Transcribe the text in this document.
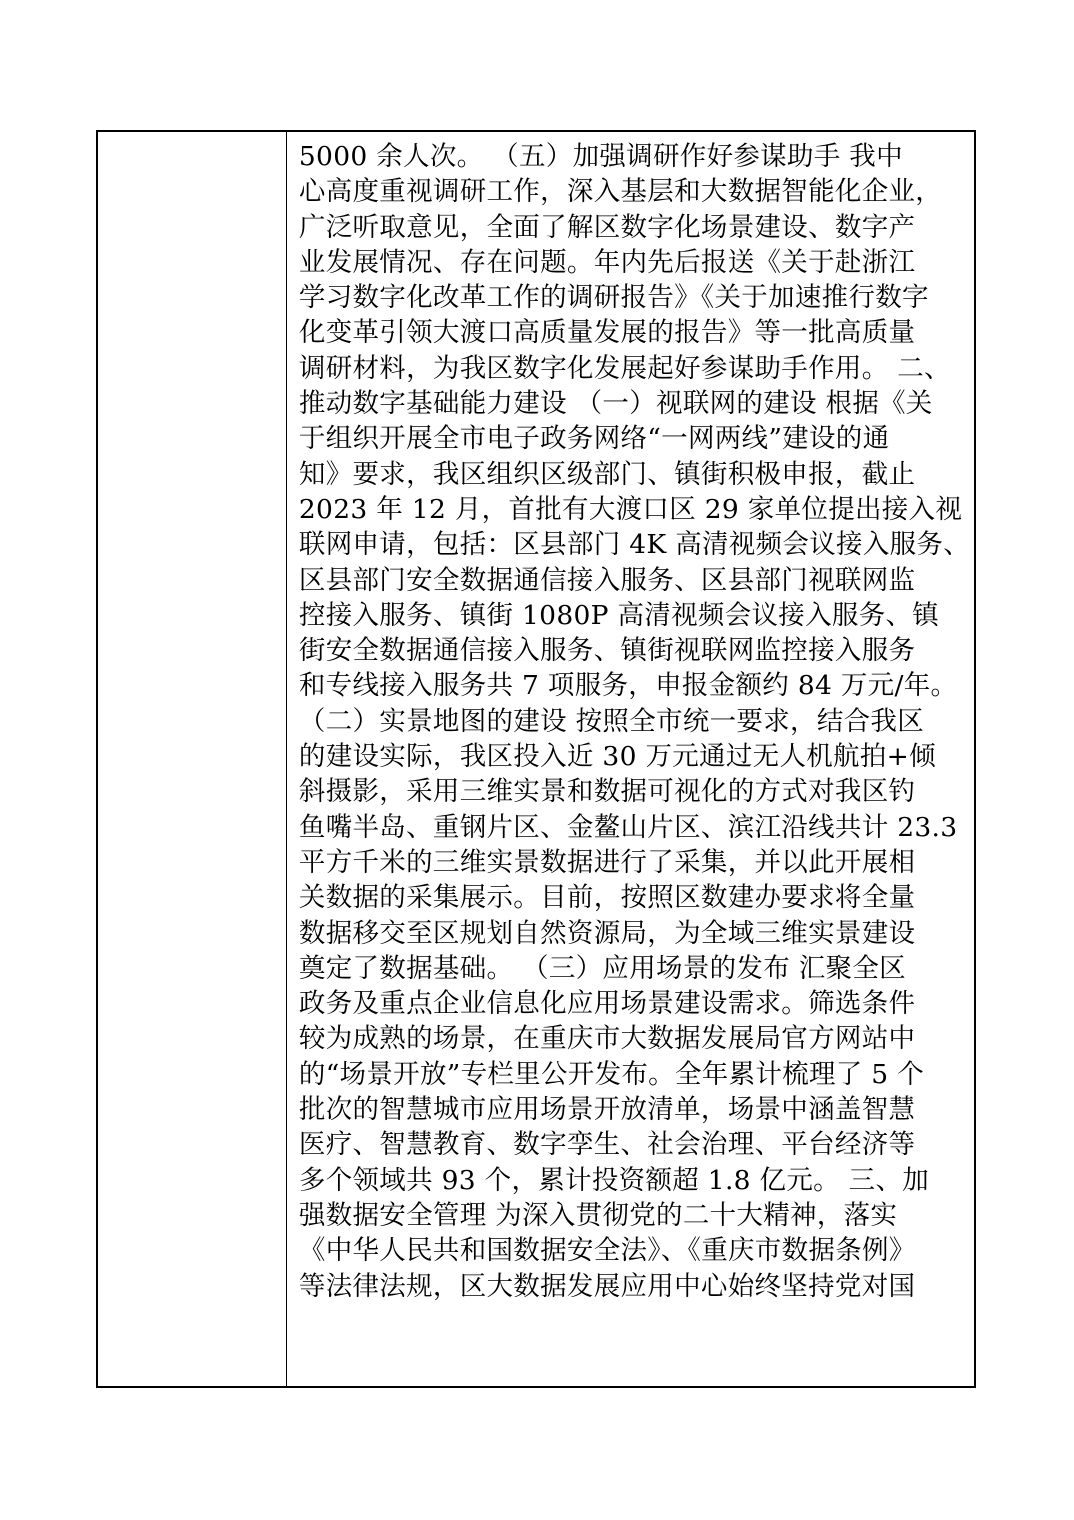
5000 余人次。 （五）加强调研作好参谋助手 我中
心高度重视调研工作，深入基层和大数据智能化企业，
广泛听取意见，全面了解区数字化场景建设、数字产
业发展情况、存在问题。年内先后报送《关于赴浙江
学习数字化改革工作的调研报告》《关于加速推行数字
化变革引领大渡口高质量发展的报告》等一批高质量
调研材料，为我区数字化发展起好参谋助手作用。 二、
推动数字基础能力建设 （一）视联网的建设 根据《关
于组织开展全市电子政务网络“一网两线”建设的通
知》要求，我区组织区级部门、镇街积极申报，截止
2023 年 12 月，首批有大渡口区 29 家单位提出接入视
联网申请，包括：区县部门 4K 高清视频会议接入服务、
区县部门安全数据通信接入服务、区县部门视联网监
控接入服务、镇街 1080P 高清视频会议接入服务、镇
街安全数据通信接入服务、镇街视联网监控接入服务
和专线接入服务共 7 项服务，申报金额约 84 万元/年。
（二）实景地图的建设 按照全市统一要求，结合我区
的建设实际，我区投入近 30 万元通过无人机航拍+倾
斜摄影，采用三维实景和数据可视化的方式对我区钓
鱼嘴半岛、重钢片区、金鳌山片区、滨江沿线共计 23.3
平方千米的三维实景数据进行了采集，并以此开展相
关数据的采集展示。目前，按照区数建办要求将全量
数据移交至区规划自然资源局，为全域三维实景建设
奠定了数据基础。 （三）应用场景的发布 汇聚全区
政务及重点企业信息化应用场景建设需求。筛选条件
较为成熟的场景，在重庆市大数据发展局官方网站中
的“场景开放”专栏里公开发布。全年累计梳理了 5 个
批次的智慧城市应用场景开放清单，场景中涵盖智慧
医疗、智慧教育、数字孪生、社会治理、平台经济等
多个领域共 93 个，累计投资额超 1.8 亿元。 三、加
强数据安全管理 为深入贯彻党的二十大精神，落实
《中华人民共和国数据安全法》、《重庆市数据条例》
等法律法规，区大数据发展应用中心始终坚持党对国
